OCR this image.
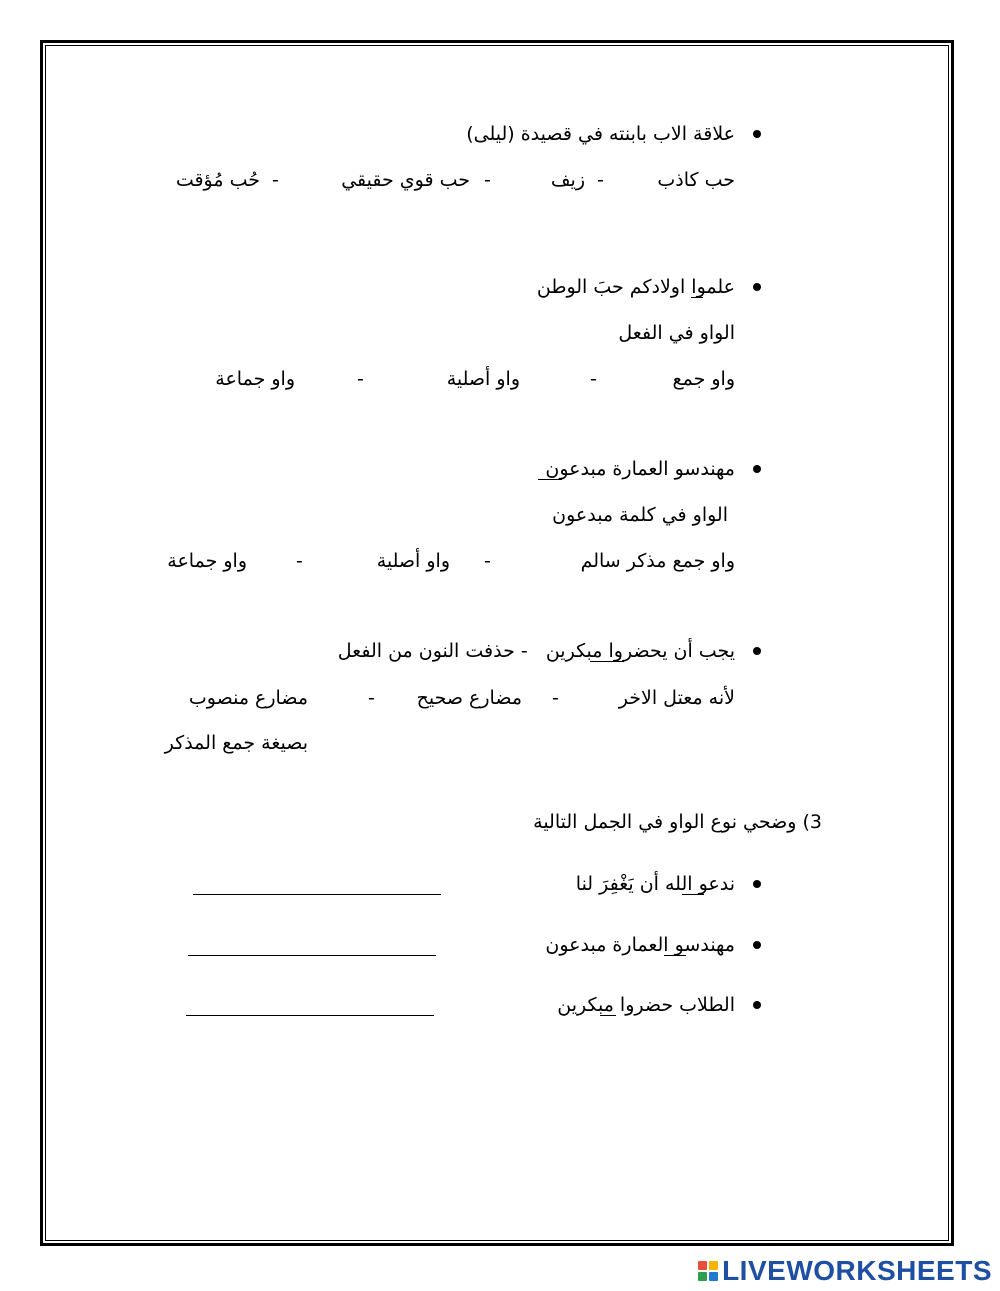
علاقة الاب بابنته في قصيدة (ليلى)
حب كاذب
-
زيف
-
حب قوي حقيقي
-
حُب مُؤقت
علموا اولادكم حبَ الوطن
الواو في الفعل
واو جمع
-
واو أصلية
-
واو جماعة
مهندسو العمارة مبدعون
الواو في كلمة مبدعون
واو جمع مذكر سالم
-
واو أصلية
-
واو جماعة
يجب أن يحضروا مبكرين   - حذفت النون من الفعل
لأنه معتل الاخر
-
مضارع صحيح
-
مضارع منصوب
بصيغة جمع المذكر
3) وضحي نوع الواو في الجمل التالية
ندعو الله أن يَغْفِرَ لنا
مهندسو العمارة مبدعون
الطلاب حضروا مبكرين
LIVEWORKSHEETS
